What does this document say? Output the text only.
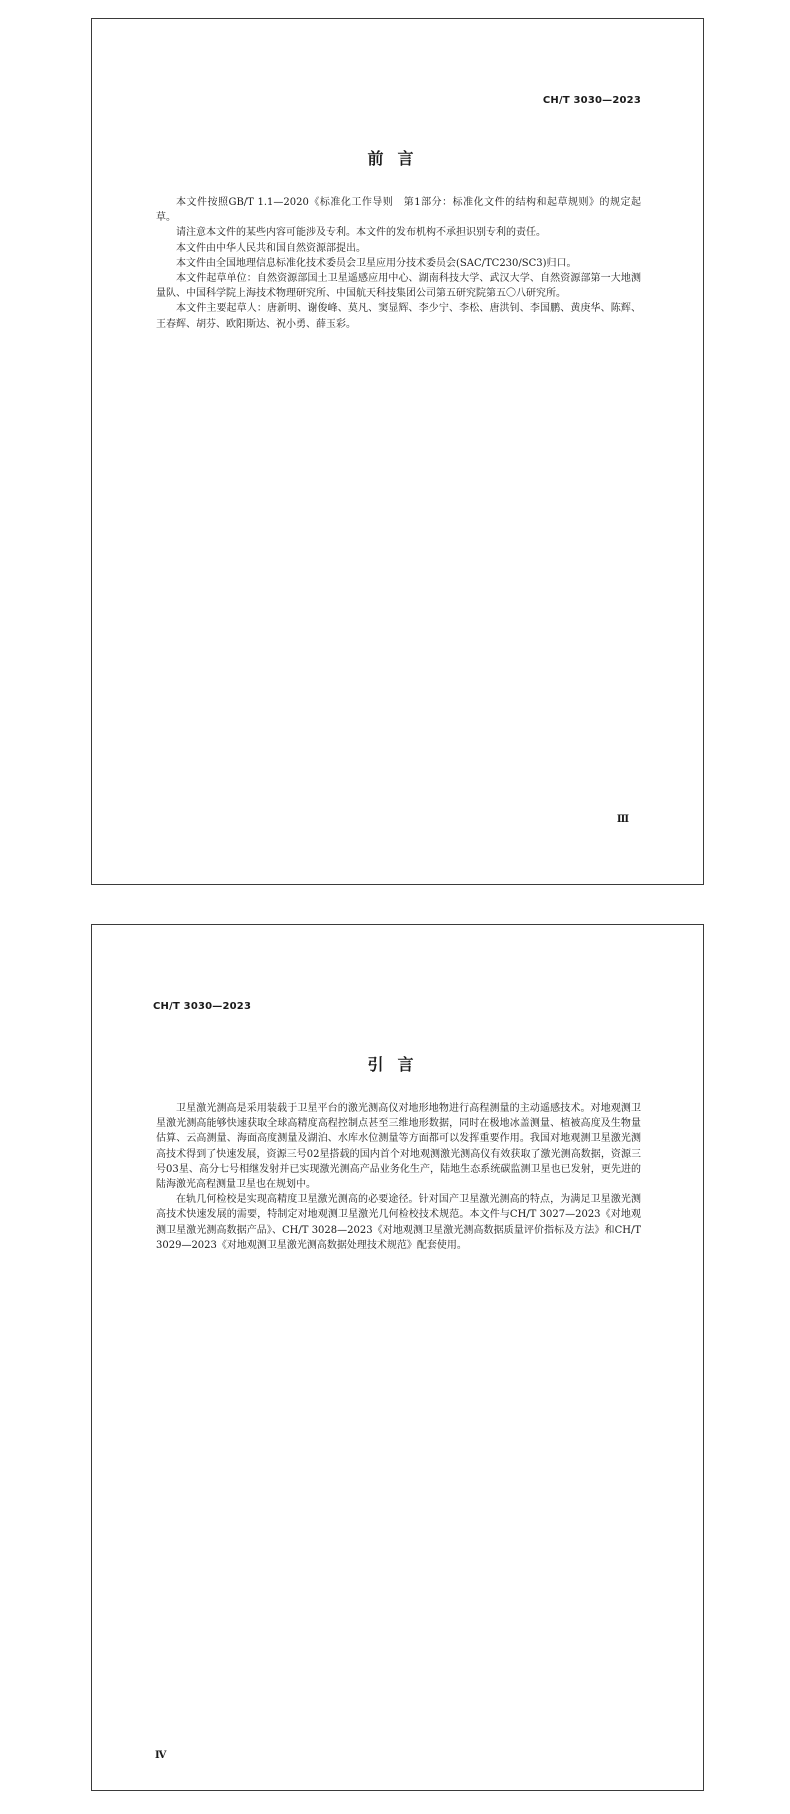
CH/T 3030—2023
前言

本文件按照GB/T 1.1—2020《标准化工作导则　第1部分：标准化文件的结构和起草规则》的规定起草。

请注意本文件的某些内容可能涉及专利。本文件的发布机构不承担识别专利的责任。

本文件由中华人民共和国自然资源部提出。

本文件由全国地理信息标准化技术委员会卫星应用分技术委员会(SAC/TC230/SC3)归口。

本文件起草单位：自然资源部国土卫星遥感应用中心、湖南科技大学、武汉大学、自然资源部第一大地测量队、中国科学院上海技术物理研究所、中国航天科技集团公司第五研究院第五〇八研究所。

本文件主要起草人：唐新明、谢俊峰、莫凡、窦显辉、李少宁、李松、唐洪钊、李国鹏、黄庚华、陈辉、王春辉、胡芬、欧阳斯达、祝小勇、薛玉彩。

Ⅲ
CH/T 3030—2023
引言

卫星激光测高是采用装载于卫星平台的激光测高仪对地形地物进行高程测量的主动遥感技术。对地观测卫星激光测高能够快速获取全球高精度高程控制点甚至三维地形数据，同时在极地冰盖测量、植被高度及生物量估算、云高测量、海面高度测量及湖泊、水库水位测量等方面都可以发挥重要作用。我国对地观测卫星激光测高技术得到了快速发展，资源三号02星搭载的国内首个对地观测激光测高仪有效获取了激光测高数据，资源三号03星、高分七号相继发射并已实现激光测高产品业务化生产，陆地生态系统碳监测卫星也已发射，更先进的陆海激光高程测量卫星也在规划中。

在轨几何检校是实现高精度卫星激光测高的必要途径。针对国产卫星激光测高的特点，为满足卫星激光测高技术快速发展的需要，特制定对地观测卫星激光几何检校技术规范。本文件与CH/T 3027—2023《对地观测卫星激光测高数据产品》、CH/T 3028—2023《对地观测卫星激光测高数据质量评价指标及方法》和CH/T 3029—2023《对地观测卫星激光测高数据处理技术规范》配套使用。

Ⅳ
